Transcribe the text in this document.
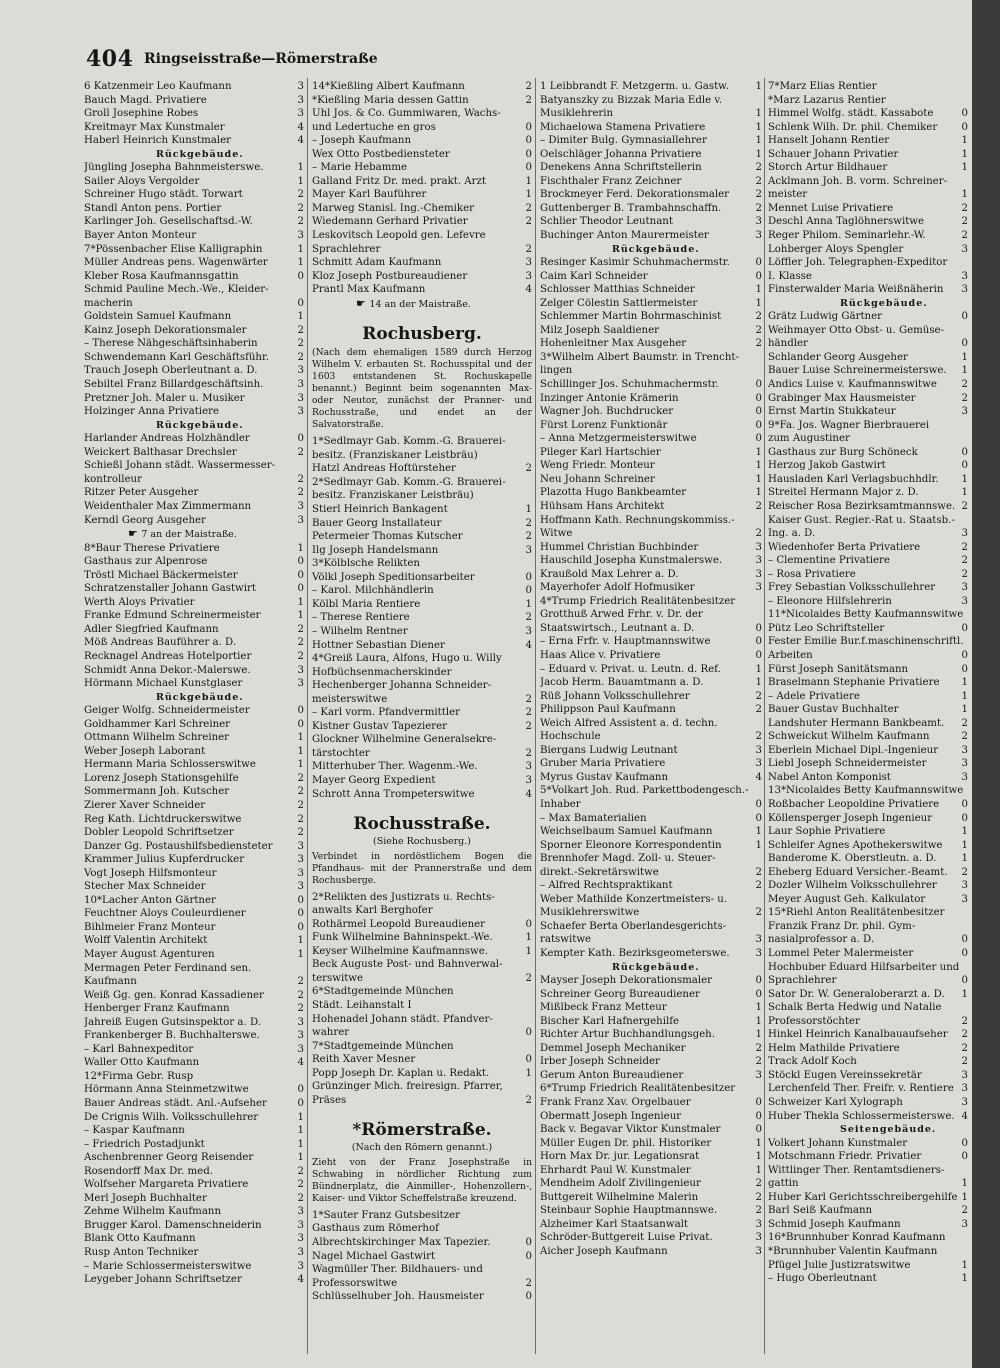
404 Ringseisstraße—Römerstraße
6 Katzenmeir Leo Kaufmann	3
Bauch Magd. Privatiere	3
Groll Josephine Robes	3
Kreitmayr Max Kunstmaler	4
Haberl Heinrich Kunstmaler	4
Rückgebäude.
Jüngling Josepha Bahnmeisterswe.	1
Sailer Aloys Vergolder	1
Schreiner Hugo städt. Torwart	2
Standl Anton pens. Portier	2
Karlinger Joh. Gesellschaftsd.-W.	2
Bayer Anton Monteur	3
7*Pössenbacher Elise Kalligraphin	1
Müller Andreas pens. Wagenwärter	1
Kleber Rosa Kaufmannsgattin	0
Schmid Pauline Mech.-We., Kleider-
macherin	0
Goldstein Samuel Kaufmann	1
Kainz Joseph Dekorationsmaler	2
– Therese Nähgeschäftsinhaberin	2
Schwendemann Karl Geschäftsführ.	2
Trauch Joseph Oberleutnant a. D.	3
Sebiltel Franz Billardgeschäftsinh.	3
Pretzner Joh. Maler u. Musiker	3
Holzinger Anna Privatiere	3
Rückgebäude.
Harlander Andreas Holzhändler	0
Weickert Balthasar Drechsler	2
Schießl Johann städt. Wassermesser-
kontrolleur	2
Ritzer Peter Ausgeher	2
Weidenthaler Max Zimmermann	3
Kerndl Georg Ausgeher	3
☛ 7 an der Maistraße.
8*Baur Therese Privatiere	1
Gasthaus zur Alpenrose	0
Tröstl Michael Bäckermeister	0
Schratzenstaller Johann Gastwirt	0
Werth Aloys Privatier	1
Franke Edmund Schreinermeister	1
Adler Siegfried Kaufmann	2
Möß Andreas Bauführer a. D.	2
Recknagel Andreas Hotelportier	2
Schmidt Anna Dekor.-Malerswe.	3
Hörmann Michael Kunstglaser	3
Rückgebäude.
Geiger Wolfg. Schneidermeister	0
Goldhammer Karl Schreiner	0
Ottmann Wilhelm Schreiner	1
Weber Joseph Laborant	1
Hermann Maria Schlosserswitwe	1
Lorenz Joseph Stationsgehilfe	2
Sommermann Joh. Kutscher	2
Zierer Xaver Schneider	2
Reg Kath. Lichtdruckerswitwe	2
Dobler Leopold Schriftsetzer	2
Danzer Gg. Postaushilfsbediensteter 3
Krammer Julius Kupferdrucker	3
Vogt Joseph Hilfsmonteur	3
Stecher Max Schneider	3
10*Lacher Anton Gärtner	0
Feuchtner Aloys Couleurdiener	0
Bihlmeier Franz Monteur	0
Wolff Valentin Architekt	1
Mayer August Agenturen	1
Mermagen Peter Ferdinand sen.
Kaufmann	2
Weiß Gg. gen. Konrad Kassadiener	2
Henberger Franz Kaufmann	2
Jahreiß Eugen Gutsinspektor a. D.	3
Frankenberger B. Buchhalterswe.	3
– Karl Bahnexpeditor	3
Waller Otto Kaufmann	4
12*Firma Gebr. Rusp
Hörmann Anna Steinmetzwitwe	0
Bauer Andreas städt. Anl.-Aufseher	0
De Crignis Wilh. Volksschullehrer	1
– Kaspar Kaufmann	1
– Friedrich Postadjunkt	1
Aschenbrenner Georg Reisender	1
Rosendorff Max Dr. med.	2
Wolfseher Margareta Privatiere	2
Merl Joseph Buchhalter	2
Zehme Wilhelm Kaufmann	3
Brugger Karol. Damenschneiderin	3
Blank Otto Kaufmann	3
Rusp Anton Techniker	3
– Marie Schlossermeisterswitwe	3
Leygeber Johann Schriftsetzer	4
14*Kießling Albert Kaufmann	2
*Kießling Maria dessen Gattin	2
Uhl Jos. & Co. Gummiwaren, Wachs-
und Ledertuche en gros	0
– Joseph Kaufmann	0
Wex Otto Postbediensteter	0
– Marie Hebamme	0
Galland Fritz Dr. med. prakt. Arzt	1
Mayer Karl Bauführer	1
Marweg Stanisl. Ing.-Chemiker	2
Wiedemann Gerhard Privatier	2
Leskovitsch Leopold gen. Lefevre
Sprachlehrer	2
Schmitt Adam Kaufmann	3
Kloz Joseph Postbureaudiener	3
Prantl Max Kaufmann	4
☛ 14 an der Maistraße.
Rochusberg.
(Nach dem ehemaligen 1589 durch Herzog Wilhelm V. erbauten St. Rochusspital und der 1603 entstandenen St. Rochuskapelle benannt.) Beginnt beim sogenannten Max- oder Neutor, zunächst der Pranner- und Rochusstraße, und endet an der Salvatorstraße.
1*Sedlmayr Gab. Komm.-G. Brauerei-
besitz. (Franziskaner Leistbräu)
Hatzl Andreas Hoftürsteher	2
2*Sedlmayr Gab. Komm.-G. Brauerei-
besitz. Franziskaner Leistbräu)
Stierl Heinrich Bankagent	1
Bauer Georg Installateur	2
Petermeier Thomas Kutscher	2
Ilg Joseph Handelsmann	3
3*Kölblsche Relikten
Völkl Joseph Speditionsarbeiter	0
– Karol. Milchhändlerin	0
Kölbl Maria Rentiere	1
– Therese Rentiere	2
– Wilhelm Rentner	3
Hottner Sebastian Diener	4
4*Greiß Laura, Alfons, Hugo u. Willy
Hofbüchsenmacherskinder
Hechenberger Johanna Schneider-
meisterswitwe	2
– Karl vorm. Pfandvermittler	2
Kistner Gustav Tapezierer	2
Glockner Wilhelmine Generalsekre-
tärstochter	2
Mitterhuber Ther. Wagenm.-We.	3
Mayer Georg Expedient	3
Schrott Anna Trompeterswitwe	4
Rochusstraße.
(Siehe Rochusberg.)
Verbindet in nordöstlichem Bogen die Pfandhaus- mit der Prannerstraße und dem Rochusberge.
2*Relikten des Justizrats u. Rechts-
anwalts Karl Berghofer
Rothärmel Leopold Bureaudiener	0
Funk Wilhelmine Bahninspekt.-We.	1
Keyser Wilhelmine Kaufmannswe.	1
Beck Auguste Post- und Bahnverwal-
terswitwe	2
6*Stadtgemeinde München
Städt. Leihanstalt I
Hohenadel Johann städt. Pfandver-
wahrer	0
7*Stadtgemeinde München
Reith Xaver Mesner	0
Popp Joseph Dr. Kaplan u. Redakt.	1
Grünzinger Mich. freiresign. Pfarrer,
Präses	2
*Römerstraße.
(Nach den Römern genannt.)
Zieht von der Franz Josephstraße in Schwabing in nördlicher Richtung zum Bündnerplatz, die Ainmiller-, Hohenzollern-, Kaiser- und Viktor Scheffelstraße kreuzend.
1*Sauter Franz Gutsbesitzer
Gasthaus zum Römerhof
Albrechtskirchinger Max Tapezier.	0
Nagel Michael Gastwirt	0
Wagmüller Ther. Bildhauers- und
Professorswitwe	2
Schlüsselhuber Joh. Hausmeister	0
1 Leibbrandt F. Metzgerm. u. Gastw.	1
Batyanszky zu Bizzak Maria Edle v.
Musiklehrerin	1
Michaelowa Stamena Privatiere	1
– Dimiter Bulg. Gymnasiallehrer	1
Oelschläger Johanna Privatiere	1
Denekens Anna Schriftstellerin	2
Fischthaler Franz Zeichner	2
Brockmeyer Ferd. Dekorationsmaler	2
Guttenberger B. Trambahnschaffn.	2
Schlier Theodor Leutnant	3
Buchinger Anton Maurermeister	3
Rückgebäude.
Resinger Kasimir Schuhmachermstr.	0
Caim Karl Schneider	0
Schlosser Matthias Schneider	1
Zelger Cölestin Sattlermeister	1
Schlemmer Martin Bohrmaschinist	2
Milz Joseph Saaldiener	2
Hohenleitner Max Ausgeher	2
3*Wilhelm Albert Baumstr. in Trencht-
lingen
Schillinger Jos. Schuhmachermstr.	0
Inzinger Antonie Krämerin	0
Wagner Joh. Buchdrucker	0
Fürst Lorenz Funktionär	0
– Anna Metzgermeisterswitwe	0
Pileger Karl Hartschier	1
Weng Friedr. Monteur	1
Neu Johann Schreiner	1
Plazotta Hugo Bankbeamter	1
Hühsam Hans Architekt	2
Hoffmann Kath. Rechnungskommiss.-
Witwe	2
Hummel Christian Buchbinder	3
Hauschild Josepha Kunstmalerswe.	3
Kraußold Max Lehrer a. D.	3
Mayerhofer Adolf Hofmusiker	3
4*Trump Friedrich Realitätenbesitzer
Grotthuß Arwed Frhr. v. Dr. der
Staatswirtsch., Leutnant a. D.	0
– Erna Frfr. v. Hauptmannswitwe	0
Haas Alice v. Privatiere	0
– Eduard v. Privat. u. Leutn. d. Ref.	1
Jacob Herm. Bauamtmann a. D.	1
Rüß Johann Volksschullehrer	2
Philippson Paul Kaufmann	2
Weich Alfred Assistent a. d. techn.
Hochschule	2
Biergans Ludwig Leutnant	3
Gruber Maria Privatiere	3
Myrus Gustav Kaufmann	4
5*Volkart Joh. Rud. Parkettbodengesch.-
Inhaber	0
– Max Bamaterialien	0
Weichselbaum Samuel Kaufmann	1
Sporner Eleonore Korrespondentin	1
Brennhofer Magd. Zoll- u. Steuer-
direkt.-Sekretärswitwe	2
– Alfred Rechtspraktikant	2
Weber Mathilde Konzertmeisters- u.
Musiklehrerswitwe	2
Schaefer Berta Oberlandesgerichts-
ratswitwe	3
Kempter Kath. Bezirksgeometerswe.	3
Rückgebäude.
Mayser Joseph Dekorationsmaler	0
Schreiner Georg Bureaudiener	0
Mißlbeck Franz Metteur	1
Bischer Karl Hafnergehilfe	1
Richter Artur Buchhandlungsgeh.	1
Demmel Joseph Mechaniker	2
Irber Joseph Schneider	2
Gerum Anton Bureaudiener	3
6*Trump Friedrich Realitätenbesitzer
Frank Franz Xav. Orgelbauer	0
Obermatt Joseph Ingenieur	0
Back v. Begavar Viktor Kunstmaler	0
Müller Eugen Dr. phil. Historiker	1
Horn Max Dr. jur. Legationsrat	1
Ehrhardt Paul W. Kunstmaler	1
Mendheim Adolf Zivilingenieur	2
Buttgereit Wilhelmine Malerin	2
Steinbaur Sophie Hauptmannswe.	2
Alzheimer Karl Staatsanwalt	3
Schröder-Buttgereit Luise Privat.	3
Aicher Joseph Kaufmann	3
7*Marz Elias Rentier
*Marz Lazarus Rentier
Himmel Wolfg. städt. Kassabote	0
Schlenk Wilh. Dr. phil. Chemiker 0
Hanselt Johann Rentier	1
Schauer Johann Privatier	1
Storch Artur Bildhauer	1
Acklmann Joh. B. vorm. Schreiner-
meister	1
Mennet Luise Privatiere	2
Deschl Anna Taglöhnerswitwe	2
Reger Philom. Seminarlehr.-W.	2
Lohberger Aloys Spengler	3
Löffler Joh. Telegraphen-Expeditor
I. Klasse	3
Finsterwalder Maria Weißnäherin 3
Rückgebäude.
Grätz Ludwig Gärtner	0
Weihmayer Otto Obst- u. Gemüse-
händler	0
Schlander Georg Ausgeher	1
Bauer Luise Schreinermeisterswe. 1
Andics Luise v. Kaufmannswitwe 2
Grabinger Max Hausmeister	2
Ernst Martin Stukkateur	3
9*Fa. Jos. Wagner Bierbrauerei
zum Augustiner
Gasthaus zur Burg Schöneck	0
Herzog Jakob Gastwirt	0
Hausladen Karl Verlagsbuchhdlr. 1
Streitel Hermann Major z. D.	1
Reischer Rosa Bezirksamtmannswe. 2
Kaiser Gust. Regier.-Rat u. Staatsb.-
Ing. a. D.	3
Wiedenhofer Berta Privatiere	2
– Clementine Privatiere	2
– Rosa Privatiere	2
Frey Sebastian Volksschullehrer	3
– Eleonore Hilfslehrerin	3
11*Nicolaides Betty Kaufmannswitwe
Pütz Leo Schriftsteller	0
Fester Emilie Bur.f.maschinenschriftl.
Arbeiten	0
Fürst Joseph Sanitätsmann	0
Braselmann Stephanie Privatiere 1
– Adele Privatiere	1
Bauer Gustav Buchhalter	1
Landshuter Hermann Bankbeamt. 2
Schweickut Wilhelm Kaufmann	2
Eberlein Michael Dipl.-Ingenieur 3
Liebl Joseph Schneidermeister	3
Nabel Anton Komponist	3
13*Nicolaides Betty Kaufmannswitwe
Roßbacher Leopoldine Privatiere 0
Köllensperger Joseph Ingenieur	0
Laur Sophie Privatiere	1
Schleifer Agnes Apothekerswitwe 1
Banderome K. Oberstleutn. a. D. 1
Eheberg Eduard Versicher.-Beamt. 2
Dozler Wilhelm Volksschullehrer 3
Meyer August Geh. Kalkulator	3
15*Riehl Anton Realitätenbesitzer
Franzik Franz Dr. phil. Gym-
nasialprofessor a. D.	0
Lommel Peter Malermeister	0
Hochbuber Eduard Hilfsarbeiter und
Sprachlehrer	0
Sator Dr. W. Generaloberarzt a. D. 1
Schalk Berta Hedwig und Natalie
Professorstöchter	2
Hinkel Heinrich Kanalbauaufseher 2
Helm Mathilde Privatiere	2
Track Adolf Koch	2
Stöckl Eugen Vereinssekretär	3
Lerchenfeld Ther. Freifr. v. Rentiere 3
Schweizer Karl Xylograph	3
Huber Thekla Schlossermeisterswe. 4
Seitengebäude.
Volkert Johann Kunstmaler	0
Motschmann Friedr. Privatier	0
Wittlinger Ther. Rentamtsdieners-
gattin	1
Huber Karl Gerichtsschreibergehilfe 1
Barl Seiß Kaufmann	2
Schmid Joseph Kaufmann	3
16*Brunnhuber Konrad Kaufmann
*Brunnhuber Valentin Kaufmann
Pfügel Julie Justizratswitwe	1
– Hugo Oberleutnant	1
